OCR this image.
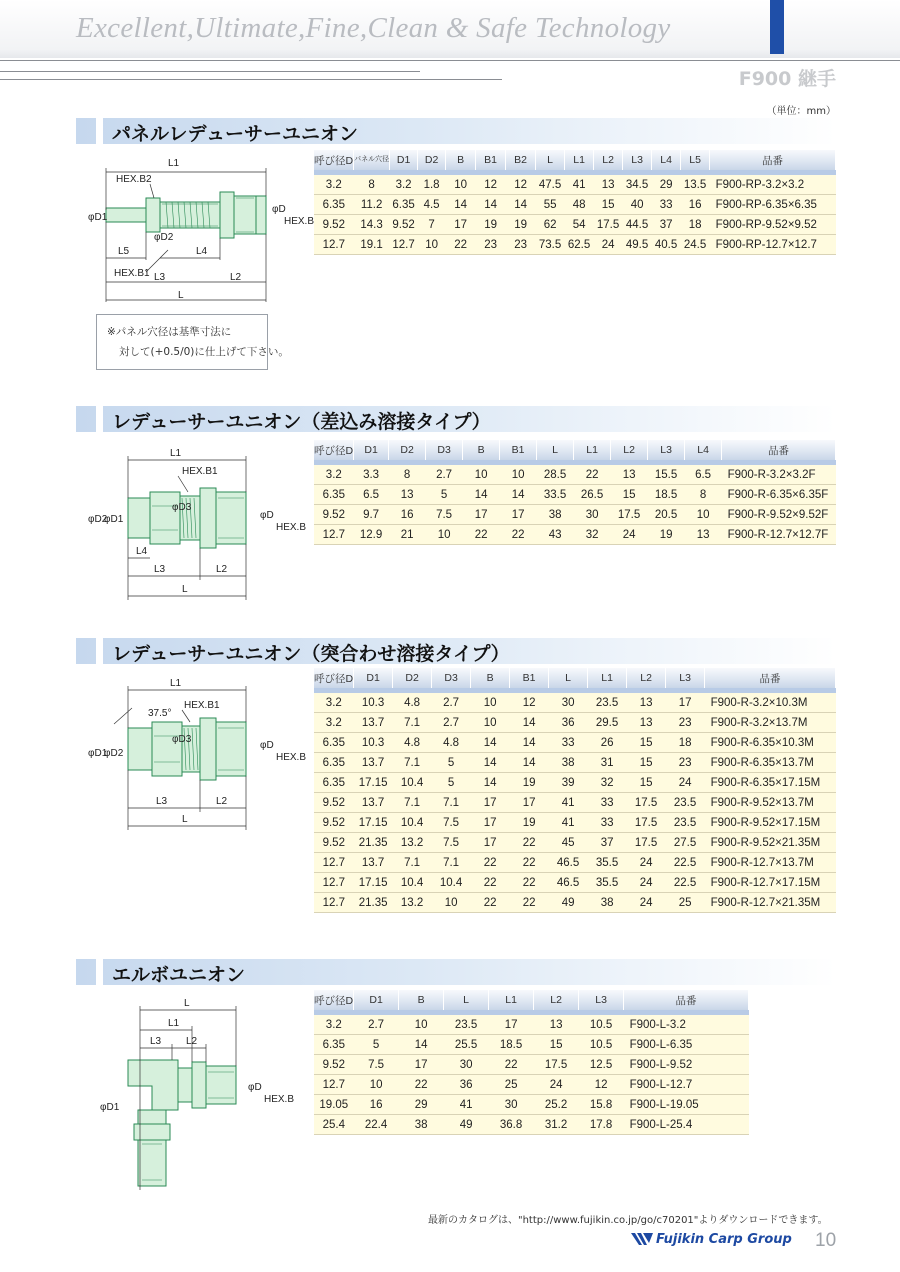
Excellent,Ultimate,Fine,Clean & Safe Technology
F900 継手
（単位：mm）
パネルレデューサーユニオン
呼び径D	パネル穴径	D1	D2	B	B1	B2	L	L1	L2	L3	L4	L5	品番

3.2	8	3.2	1.8	10	12	12	47.5	41	13	34.5	29	13.5	F900-RP-3.2×3.2
6.35	11.2	6.35	4.5	14	14	14	55	48	15	40	33	16	F900-RP-6.35×6.35
9.52	14.3	9.52	7	17	19	19	62	54	17.5	44.5	37	18	F900-RP-9.52×9.52
12.7	19.1	12.7	10	22	23	23	73.5	62.5	24	49.5	40.5	24.5	F900-RP-12.7×12.7
L1
HEX.B2
φD1
φD2
φD
HEX.B
L5	L4
HEX.B1 L3	L2
L
※パネル穴径は基準寸法に
対して(+0.5/0)に仕上げて下さい。
レデューサーユニオン（差込み溶接タイプ）
呼び径D	D1	D2	D3	B	B1	L	L1	L2	L3	L4	品番

3.2	3.3	8	2.7	10	10	28.5	22	13	15.5	6.5	F900-R-3.2×3.2F
6.35	6.5	13	5	14	14	33.5	26.5	15	18.5	8	F900-R-6.35×6.35F
9.52	9.7	16	7.5	17	17	38	30	17.5	20.5	10	F900-R-9.52×9.52F
12.7	12.9	21	10	22	22	43	32	24	19	13	F900-R-12.7×12.7F
L1
HEX.B1
φD2
φD1
φD3
φD
HEX.B
L4
L3	L2
L
レデューサーユニオン（突合わせ溶接タイプ）
呼び径D	D1	D2	D3	B	B1	L	L1	L2	L3	品番

3.2	10.3	4.8	2.7	10	12	30	23.5	13	17	F900-R-3.2×10.3M
3.2	13.7	7.1	2.7	10	14	36	29.5	13	23	F900-R-3.2×13.7M
6.35	10.3	4.8	4.8	14	14	33	26	15	18	F900-R-6.35×10.3M
6.35	13.7	7.1	5	14	14	38	31	15	23	F900-R-6.35×13.7M
6.35	17.15	10.4	5	14	19	39	32	15	24	F900-R-6.35×17.15M
9.52	13.7	7.1	7.1	17	17	41	33	17.5	23.5	F900-R-9.52×13.7M
9.52	17.15	10.4	7.5	17	19	41	33	17.5	23.5	F900-R-9.52×17.15M
9.52	21.35	13.2	7.5	17	22	45	37	17.5	27.5	F900-R-9.52×21.35M
12.7	13.7	7.1	7.1	22	22	46.5	35.5	24	22.5	F900-R-12.7×13.7M
12.7	17.15	10.4	10.4	22	22	46.5	35.5	24	22.5	F900-R-12.7×17.15M
12.7	21.35	13.2	10	22	22	49	38	24	25	F900-R-12.7×21.35M
L1
37.5°
HEX.B1
φD1
φD2
φD3
φD
HEX.B
L3	L2
L
エルボユニオン
呼び径D	D1	B	L	L1	L2	L3	品番

3.2	2.7	10	23.5	17	13	10.5	F900-L-3.2
6.35	5	14	25.5	18.5	15	10.5	F900-L-6.35
9.52	7.5	17	30	22	17.5	12.5	F900-L-9.52
12.7	10	22	36	25	24	12	F900-L-12.7
19.05	16	29	41	30	25.2	15.8	F900-L-19.05
25.4	22.4	38	49	36.8	31.2	17.8	F900-L-25.4
L
L1
L3 L2
φD
HEX.B
φD1
最新のカタログは、"http://www.fujikin.co.jp/go/c70201"よりダウンロードできます。
Fujikin Carp Group 10
